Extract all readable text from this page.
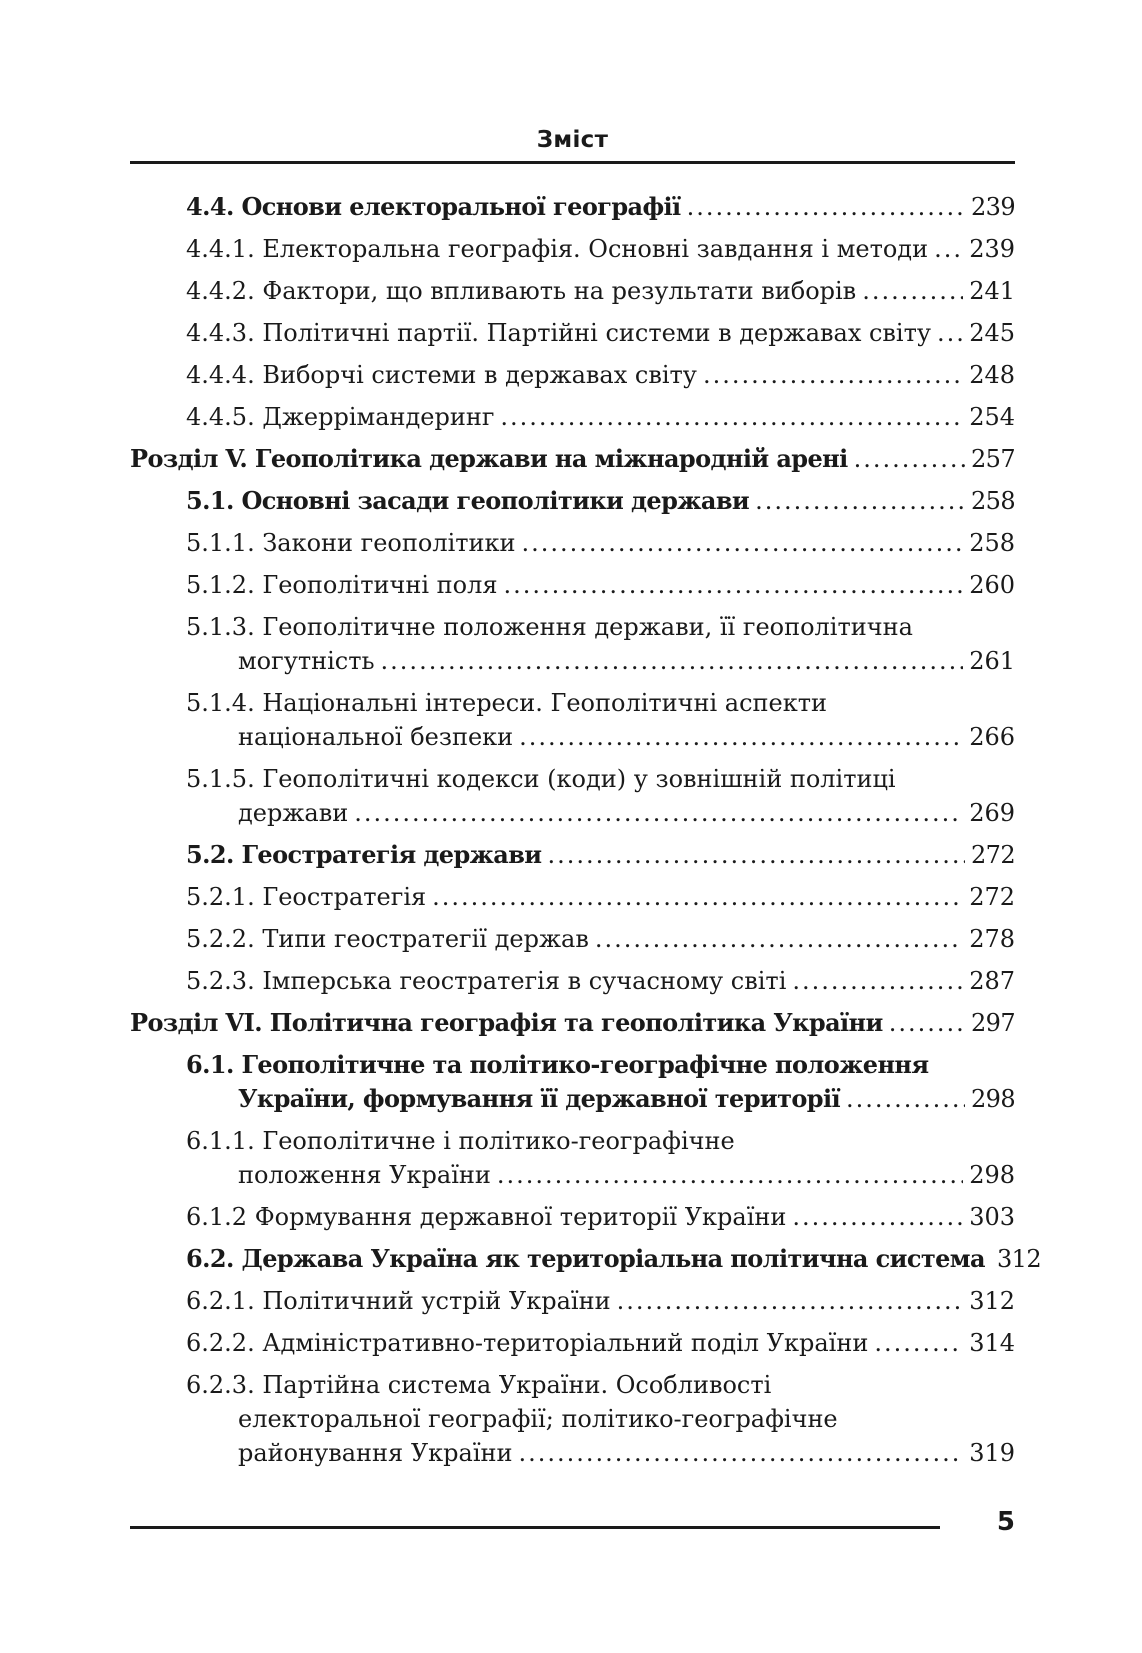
Зміст
4.4. Основи електоральної географії .....	239
4.4.1. Електоральна географія. Основні завдання і методи ..... 239
4.4.2. Фактори, що впливають на результати виборів .....	241
4.4.3. Політичні партії. Партійні системи в державах світу ..... 245
4.4.4. Виборчі системи в державах світу .....	248
4.4.5. Джеррімандеринг .....	254
Розділ V. Геополітика держави на міжнародній арені .....	257
5.1. Основні засади геополітики держави .....	258
5.1.1. Закони геополітики .....	258
5.1.2. Геополітичні поля .....	260
5.1.3. Геополітичне положення держави, її геополітична
могутність .....	261
5.1.4. Національні інтереси. Геополітичні аспекти
національної безпеки .....	266
5.1.5. Геополітичні кодекси (коди) у зовнішній політиці
держави .....	269
5.2. Геостратегія держави .....	272
5.2.1. Геостратегія .....	272
5.2.2. Типи геостратегії держав .....	278
5.2.3. Імперська геостратегія в сучасному світі .....	287
Розділ VI. Політична географія та геополітика України .....	297
6.1. Геополітичне та політико-географічне положення
України, формування її державної території .....	298
6.1.1. Геополітичне і політико-географічне
положення України .....	298
6.1.2 Формування державної території України .....	303
6.2. Держава Україна як територіальна політична система 312
6.2.1. Політичний устрій України .....	312
6.2.2. Адміністративно-територіальний поділ України .....	314
6.2.3. Партійна система України. Особливості
електоральної географії; політико-географічне
районування України .....	319
5
